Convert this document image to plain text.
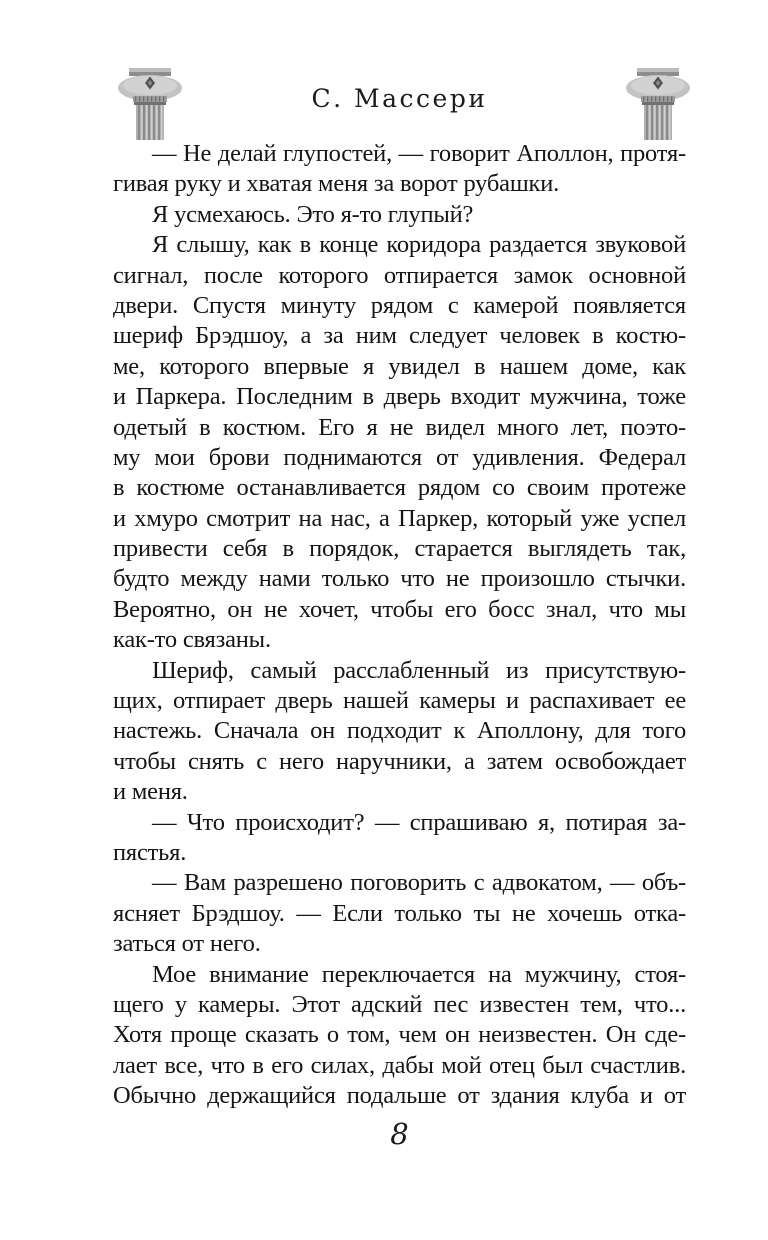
С. Массери
— Не делай глупостей, — говорит Аполлон, протя-
гивая руку и хватая меня за ворот рубашки.
Я усмехаюсь. Это я-то глупый?
Я слышу, как в конце коридора раздается звуковой
сигнал, после которого отпирается замок основной
двери. Спустя минуту рядом с камерой появляется
шериф Брэдшоу, а за ним следует человек в костю-
ме, которого впервые я увидел в нашем доме, как
и Паркера. Последним в дверь входит мужчина, тоже
одетый в костюм. Его я не видел много лет, поэто-
му мои брови поднимаются от удивления. Федерал
в костюме останавливается рядом со своим протеже
и хмуро смотрит на нас, а Паркер, который уже успел
привести себя в порядок, старается выглядеть так,
будто между нами только что не произошло стычки.
Вероятно, он не хочет, чтобы его босс знал, что мы
как-то связаны.
Шериф, самый расслабленный из присутствую-
щих, отпирает дверь нашей камеры и распахивает ее
настежь. Сначала он подходит к Аполлону, для того
чтобы снять с него наручники, а затем освобождает
и меня.
— Что происходит? — спрашиваю я, потирая за-
пястья.
— Вам разрешено поговорить с адвокатом, — объ-
ясняет Брэдшоу. — Если только ты не хочешь отка-
заться от него.
Мое внимание переключается на мужчину, стоя-
щего у камеры. Этот адский пес известен тем, что...
Хотя проще сказать о том, чем он неизвестен. Он сде-
лает все, что в его силах, дабы мой отец был счастлив.
Обычно держащийся подальше от здания клуба и от
8
